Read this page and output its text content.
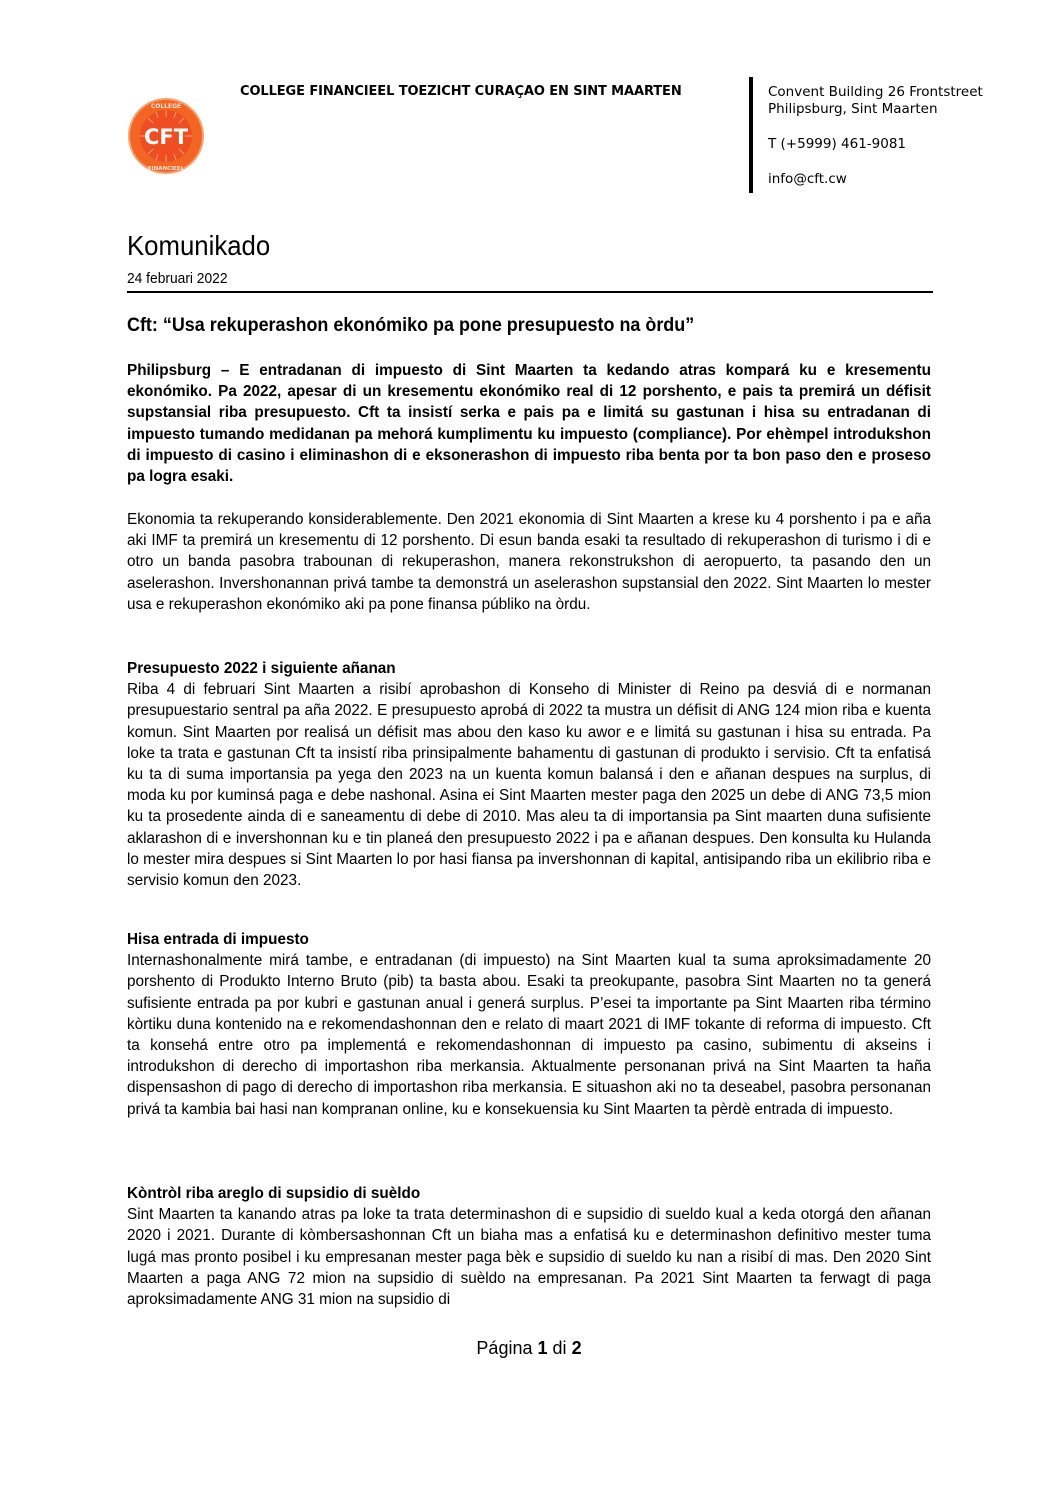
CFT
COLLEGE
FINANCIEEL
COLLEGE FINANCIEEL TOEZICHT CURAÇAO EN SINT MAARTEN	Convent Building 26 Frontstreet
Philipsburg, Sint Maarten
T (+5999) 461-9081
info@cft.cw
Komunikado
24 februari 2022
Cft: “Usa rekuperashon ekonómiko pa pone presupuesto na òrdu”

Philipsburg – E entradanan di impuesto di Sint Maarten ta kedando atras kompará ku e kresementu ekonómiko. Pa 2022, apesar di un kresementu ekonómiko real di 12 porshento, e pais ta premirá un défisit supstansial riba presupuesto. Cft ta insistí serka e pais pa e limitá su gastunan i hisa su entradanan di impuesto tumando medidanan pa mehorá kumplimentu ku impuesto (compliance). Por ehèmpel introdukshon di impuesto di casino i eliminashon di e eksonerashon di impuesto riba benta por ta bon paso den e proseso pa logra esaki.

Ekonomia ta rekuperando konsiderablemente. Den 2021 ekonomia di Sint Maarten a krese ku 4 porshento i pa e aña aki IMF ta premirá un kresementu di 12 porshento. Di esun banda esaki ta resultado di rekuperashon di turismo i di e otro un banda pasobra trabounan di rekuperashon, manera rekonstrukshon di aeropuerto, ta pasando den un aselerashon. Invershonannan privá tambe ta demonstrá un aselerashon supstansial den 2022. Sint Maarten lo mester usa e rekuperashon ekonómiko aki pa pone finansa públiko na òrdu.

Presupuesto 2022 i siguiente añanan

Riba 4 di februari Sint Maarten a risibí aprobashon di Konseho di Minister di Reino pa desviá di e normanan presupuestario sentral pa aña 2022. E presupuesto aprobá di 2022 ta mustra un défisit di ANG 124 mion riba e kuenta komun. Sint Maarten por realisá un défisit mas abou den kaso ku awor e e limitá su gastunan i hisa su entrada. Pa loke ta trata e gastunan Cft ta insistí riba prinsipalmente bahamentu di gastunan di produkto i servisio. Cft ta enfatisá ku ta di suma importansia pa yega den 2023 na un kuenta komun balansá i den e añanan despues na surplus, di moda ku por kuminsá paga e debe nashonal. Asina ei Sint Maarten mester paga den 2025 un debe di ANG 73,5 mion ku ta prosedente ainda di e saneamentu di debe di 2010. Mas aleu ta di importansia pa Sint maarten duna sufisiente aklarashon di e invershonnan ku e tin planeá den presupuesto 2022 i pa e añanan despues. Den konsulta ku Hulanda lo mester mira despues si Sint Maarten lo por hasi fiansa pa invershonnan di kapital, antisipando riba un ekilibrio riba e servisio komun den 2023.

Hisa entrada di impuesto

Internashonalmente mirá tambe, e entradanan (di impuesto) na Sint Maarten kual ta suma aproksimadamente 20 porshento di Produkto Interno Bruto (pib) ta basta abou. Esaki ta preokupante, pasobra Sint Maarten no ta generá sufisiente entrada pa por kubri e gastunan anual i generá surplus. P’esei ta importante pa Sint Maarten riba término kòrtiku duna kontenido na e rekomendashonnan den e relato di maart 2021 di IMF tokante di reforma di impuesto. Cft ta konsehá entre otro pa implementá e rekomendashonnan di impuesto pa casino, subimentu di akseins i introdukshon di derecho di importashon riba merkansia. Aktualmente personanan privá na Sint Maarten ta haña dispensashon di pago di derecho di importashon riba merkansia. E situashon aki no ta deseabel, pasobra personanan privá ta kambia bai hasi nan kompranan online, ku e konsekuensia ku Sint Maarten ta pèrdè entrada di impuesto.

Kòntròl riba areglo di supsidio di suèldo

Sint Maarten ta kanando atras pa loke ta trata determinashon di e supsidio di sueldo kual a keda otorgá den añanan 2020 i 2021. Durante di kòmbersashonnan Cft un biaha mas a enfatisá ku e determinashon definitivo mester tuma lugá mas pronto posibel i ku empresanan mester paga bèk e supsidio di sueldo ku nan a risibí di mas. Den 2020 Sint Maarten a paga ANG 72 mion na supsidio di suèldo na empresanan. Pa 2021 Sint Maarten ta ferwagt di paga aproksimadamente ANG 31 mion na supsidio di

Página 1 di 2
